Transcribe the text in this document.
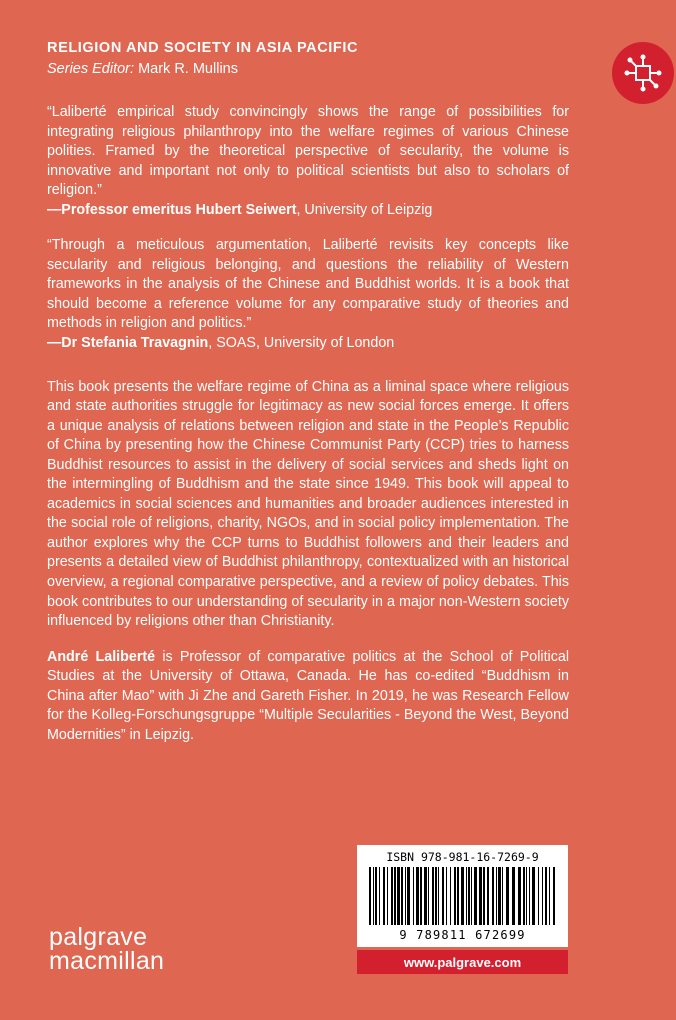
RELIGION AND SOCIETY IN ASIA PACIFIC
Series Editor: Mark R. Mullins

“Laliberté empirical study convincingly shows the range of possibilities for integrating religious philanthropy into the welfare regimes of various Chinese polities. Framed by the theoretical perspective of secularity, the volume is innovative and important not only to political scientists but also to scholars of religion.”

—Professor emeritus Hubert Seiwert, University of Leipzig

“Through a meticulous argumentation, Laliberté revisits key concepts like secularity and religious belonging, and questions the reliability of Western frameworks in the analysis of the Chinese and Buddhist worlds. It is a book that should become a reference volume for any comparative study of theories and methods in religion and politics.”

—Dr Stefania Travagnin, SOAS, University of London

This book presents the welfare regime of China as a liminal space where religious and state authorities struggle for legitimacy as new social forces emerge. It offers a unique analysis of relations between religion and state in the People’s Republic of China by presenting how the Chinese Communist Party (CCP) tries to harness Buddhist resources to assist in the delivery of social services and sheds light on the intermingling of Buddhism and the state since 1949. This book will appeal to academics in social sciences and humanities and broader audiences interested in the social role of religions, charity, NGOs, and in social policy implementation. The author explores why the CCP turns to Buddhist followers and their leaders and presents a detailed view of Buddhist philanthropy, contextualized with an historical overview, a regional comparative perspective, and a review of policy debates. This book contributes to our understanding of secularity in a major non-Western society influenced by religions other than Christianity.

André Laliberté is Professor of comparative politics at the School of Political Studies at the University of Ottawa, Canada. He has co-edited “Buddhism in China after Mao” with Ji Zhe and Gareth Fisher. In 2019, he was Research Fellow for the Kolleg-Forschungsgruppe “Multiple Secularities - Beyond the West, Beyond Modernities” in Leipzig.

ISBN 978-981-16-7269-9
9 789811 672699
www.palgrave.com
palgrave
macmillan
